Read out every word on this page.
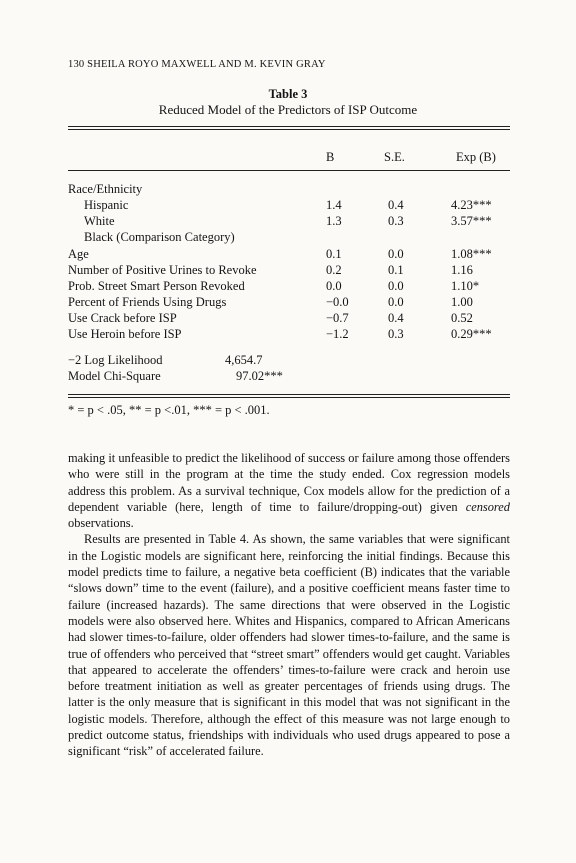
130 SHEILA ROYO MAXWELL AND M. KEVIN GRAY
Table 3
Reduced Model of the Predictors of ISP Outcome
B	S.E.	Exp (B)
Race/Ethnicity
Hispanic	1.4	0.4	4.23***
White	1.3	0.3	3.57***
Black (Comparison Category)
Age	0.1	0.0	1.08***
Number of Positive Urines to Revoke	0.2	0.1	1.16
Prob. Street Smart Person Revoked	0.0	0.0	1.10*
Percent of Friends Using Drugs	−0.0	0.0	1.00
Use Crack before ISP	−0.7	0.4	0.52
Use Heroin before ISP	−1.2	0.3	0.29***
−2 Log Likelihood	4,654.7
Model Chi-Square	97.02***
* = p < .05, ** = p <.01, *** = p < .001.

making it unfeasible to predict the likelihood of success or failure among those offenders who were still in the program at the time the study ended. Cox regression models address this problem. As a survival technique, Cox models allow for the prediction of a dependent variable (here, length of time to failure/dropping-out) given censored observations.

Results are presented in Table 4. As shown, the same variables that were significant in the Logistic models are significant here, reinforcing the initial findings. Because this model predicts time to failure, a negative beta coefficient (B) indicates that the variable “slows down” time to the event (failure), and a positive coefficient means faster time to failure (increased hazards). The same directions that were observed in the Logistic models were also observed here. Whites and Hispanics, compared to African Americans had slower times-to-failure, older offenders had slower times-to-failure, and the same is true of offenders who perceived that “street smart” offenders would get caught. Variables that appeared to accelerate the offenders’ times-to-failure were crack and heroin use before treatment initiation as well as greater percentages of friends using drugs. The latter is the only measure that is significant in this model that was not significant in the logistic models. Therefore, although the effect of this measure was not large enough to predict outcome status, friendships with individuals who used drugs appeared to pose a significant “risk” of accelerated failure.
